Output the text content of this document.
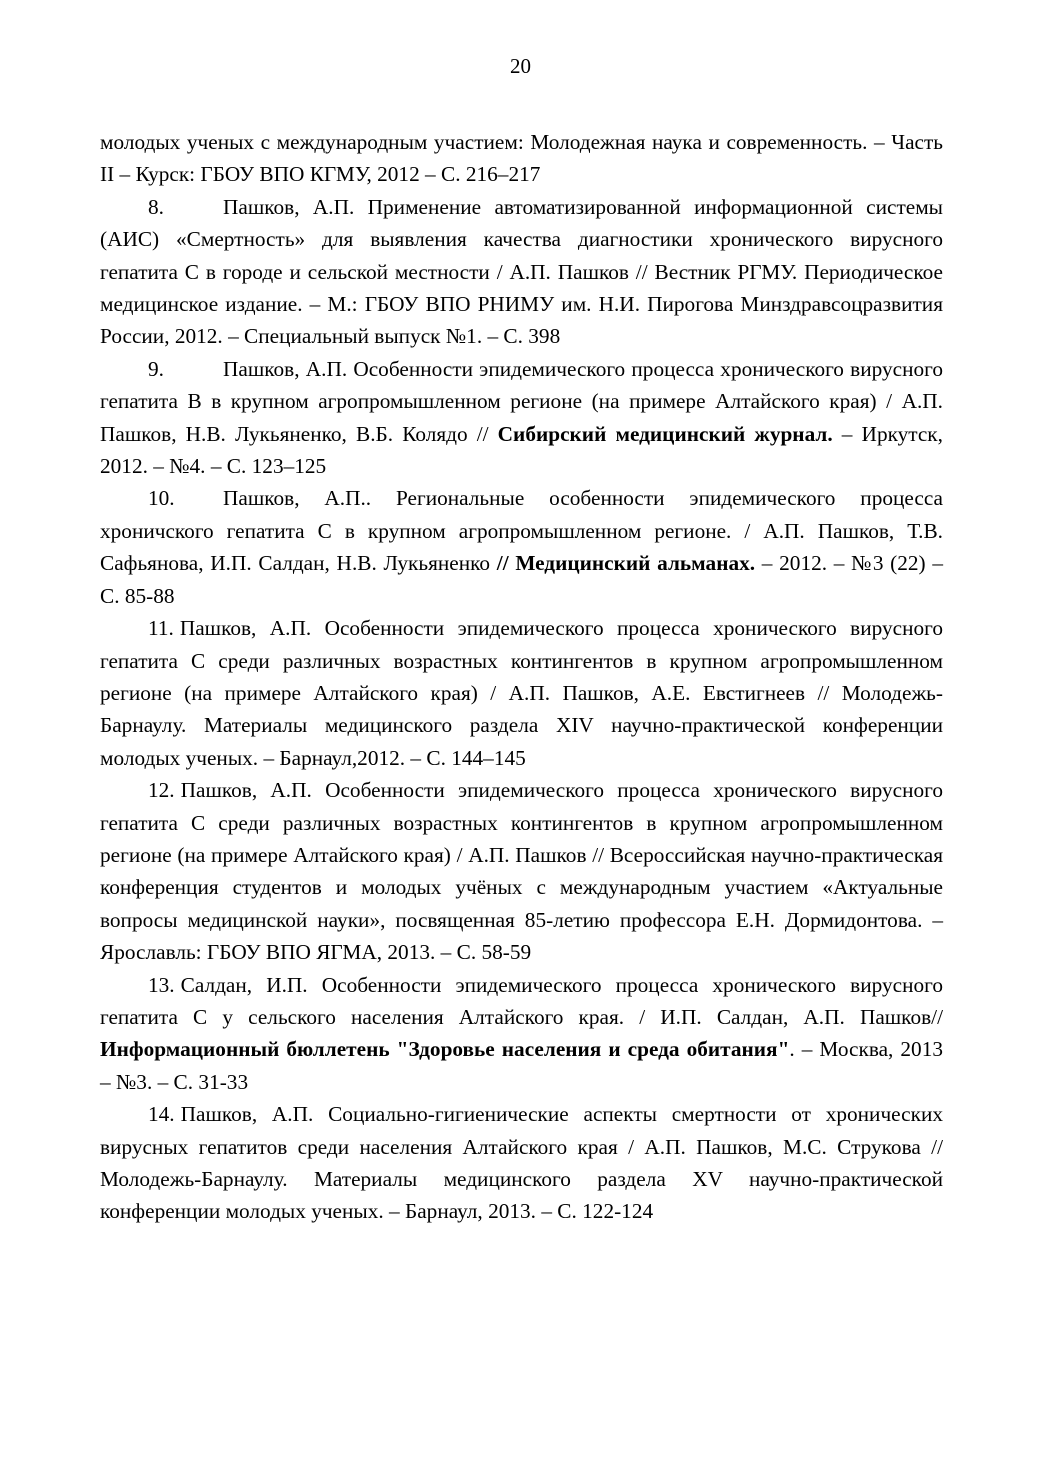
20

молодых ученых с международным участием: Молодежная наука и современность. – Часть II – Курск: ГБОУ ВПО КГМУ, 2012 – С. 216–217

8.	Пашков, А.П. Применение автоматизированной информационной системы (АИС) «Смертность» для выявления качества диагностики хронического вирусного гепатита С в городе и сельской местности / А.П. Пашков // Вестник РГМУ. Периодическое медицинское издание. – М.: ГБОУ ВПО РНИМУ им. Н.И. Пирогова Минздравсоцразвития России, 2012. – Специальный выпуск №1. – С. 398

9.	Пашков, А.П. Особенности эпидемического процесса хронического вирусного гепатита В в крупном агропромышленном регионе (на примере Алтайского края) / А.П. Пашков, Н.В. Лукьяненко, В.Б. Колядо // Сибирский медицинский журнал. – Иркутск, 2012. – №4. – С. 123–125

10. Пашков, А.П.. Региональные особенности эпидемического процесса хроничского гепатита С в крупном агропромышленном регионе. / А.П. Пашков, Т.В. Сафьянова, И.П. Салдан, Н.В. Лукьяненко // Медицинский альманах. – 2012. – №3 (22) – С. 85-88

11. Пашков, А.П. Особенности эпидемического процесса хронического вирусного гепатита С среди различных возрастных контингентов в крупном агропромышленном регионе (на примере Алтайского края) / А.П. Пашков, А.Е. Евстигнеев // Молодежь-Барнаулу. Материалы медицинского раздела XIV научно-практической конференции молодых ученых. – Барнаул,2012. – С. 144–145

12. Пашков, А.П. Особенности эпидемического процесса хронического вирусного гепатита С среди различных возрастных контингентов в крупном агропромышленном регионе (на примере Алтайского края) / А.П. Пашков // Всероссийская научно-практическая конференция студентов и молодых учёных с международным участием «Актуальные вопросы медицинской науки», посвященная 85-летию профессора Е.Н. Дормидонтова. – Ярославль: ГБОУ ВПО ЯГМА, 2013. – С. 58-59

13. Салдан, И.П. Особенности эпидемического процесса хронического вирусного гепатита С у сельского населения Алтайского края. / И.П. Салдан, А.П. Пашков// Информационный бюллетень "Здоровье населения и среда обитания". – Москва, 2013 – №3. – С. 31-33

14. Пашков, А.П. Социально-гигиенические аспекты смертности от хронических вирусных гепатитов среди населения Алтайского края / А.П. Пашков, М.С. Струкова // Молодежь-Барнаулу. Материалы медицинского раздела XV научно-практической конференции молодых ученых. – Барнаул, 2013. – С. 122-124
